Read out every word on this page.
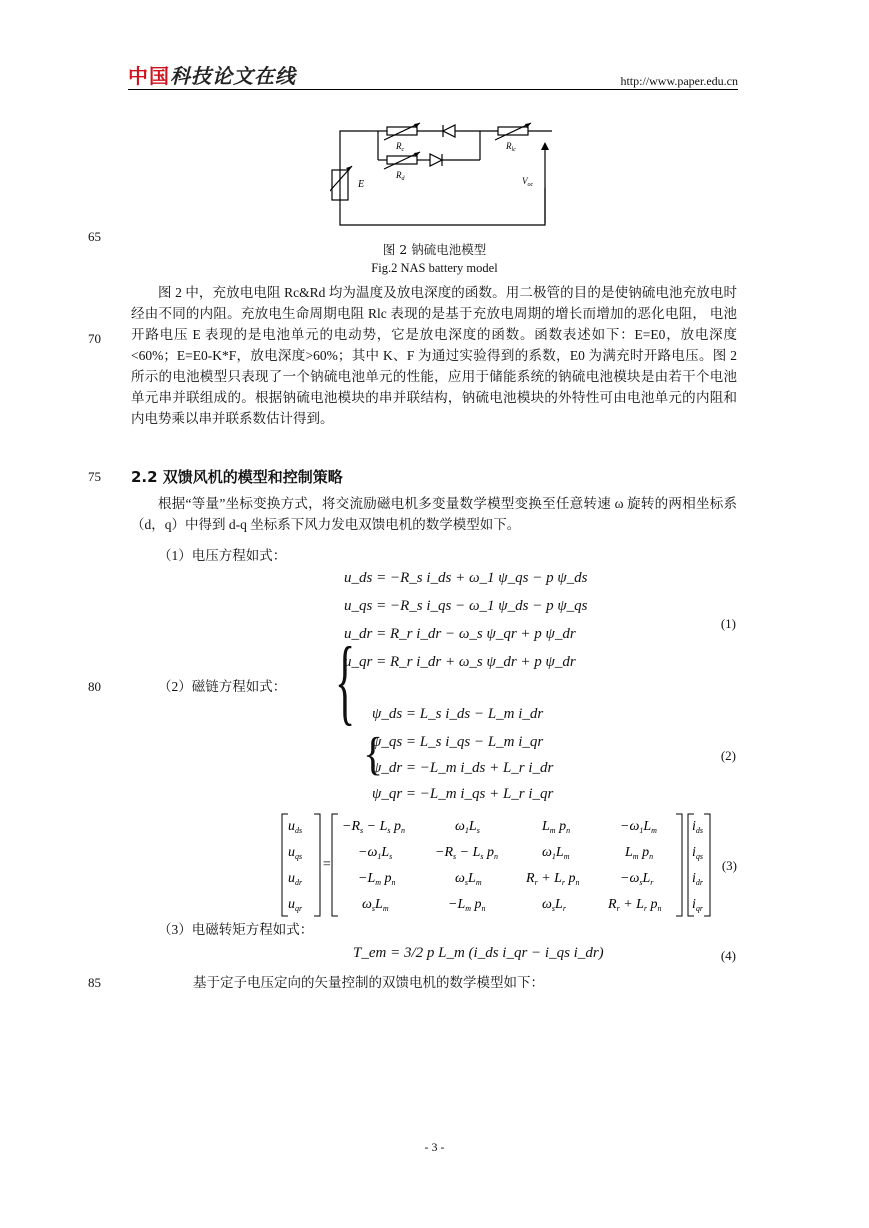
中国科技论文在线	http://www.paper.edu.cn
$R_c$
$R_d$
$R_{lc}$
E	$V_{oc}$
图 2 钠硫电池模型
Fig.2 NAS battery model
65
70
75
80
85
图 2 中，充放电电阻 Rc&Rd 均为温度及放电深度的函数。用二极管的目的是使钠硫电池充放电时经由不同的内阻。充放电生命周期电阻 Rlc 表现的是基于充放电周期的增长而增加的恶化电阻， 电池开路电压 E 表现的是电池单元的电动势，它是放电深度的函数。函数表述如下：E=E0，放电深度<60%；E=E0-K*F，放电深度>60%；其中 K、F 为通过实验得到的系数，E0 为满充时开路电压。图 2 所示的电池模型只表现了一个钠硫电池单元的性能，应用于储能系统的钠硫电池模块是由若干个电池单元串并联组成的。根据钠硫电池模块的串并联结构，钠硫电池模块的外特性可由电池单元的内阻和内电势乘以串并联系数估计得到。
2.2 双馈风机的模型和控制策略
根据“等量”坐标变换方式，将交流励磁电机多变量数学模型变换至任意转速 ω 旋转的两相坐标系（d，q）中得到 d-q 坐标系下风力发电双馈电机的数学模型如下。
（1）电压方程如式：
{
u_ds = −R_s i_ds + ω_1 ψ_qs − p ψ_ds
u_qs = −R_s i_qs − ω_1 ψ_ds − p ψ_qs
u_dr = R_r i_dr − ω_s ψ_qr + p ψ_dr
u_qr = R_r i_dr + ω_s ψ_dr + p ψ_dr
(1)
（2）磁链方程如式：
{
ψ_ds = L_s i_ds − L_m i_dr
ψ_qs = L_s i_qs − L_m i_qr
ψ_dr = −L_m i_ds + L_r i_dr
ψ_qr = −L_m i_qs + L_r i_qr
(2)
$u_{ds}$
$u_{qs}$
$u_{dr}$
$u_{qr}$
=
$-R_s - L_s$ $p_n$	$\omega_1L_s$	$L_m$ $p_n$	$-\omega_1L_m$
$-\omega_1L_s$	$-R_s - L_s$ $p_n$	$\omega_1L_m$	$L_m$ $p_n$
$-L_m$ $p_n$	$\omega_sL_m$	$R_r + L_r$ $p_n$	$-\omega_sL_r$
$\omega_sL_m$	$-L_m$ $p_n$	$\omega_sL_r$	$R_r + L_r$ $p_n$
$i_{ds}$
$i_{qs}$
$i_{dr}$
$i_{qr}$
(3)
（3）电磁转矩方程如式：
T_em = 3/2 p L_m (i_ds i_qr − i_qs i_dr)	(4)
基于定子电压定向的矢量控制的双馈电机的数学模型如下：
- 3 -
